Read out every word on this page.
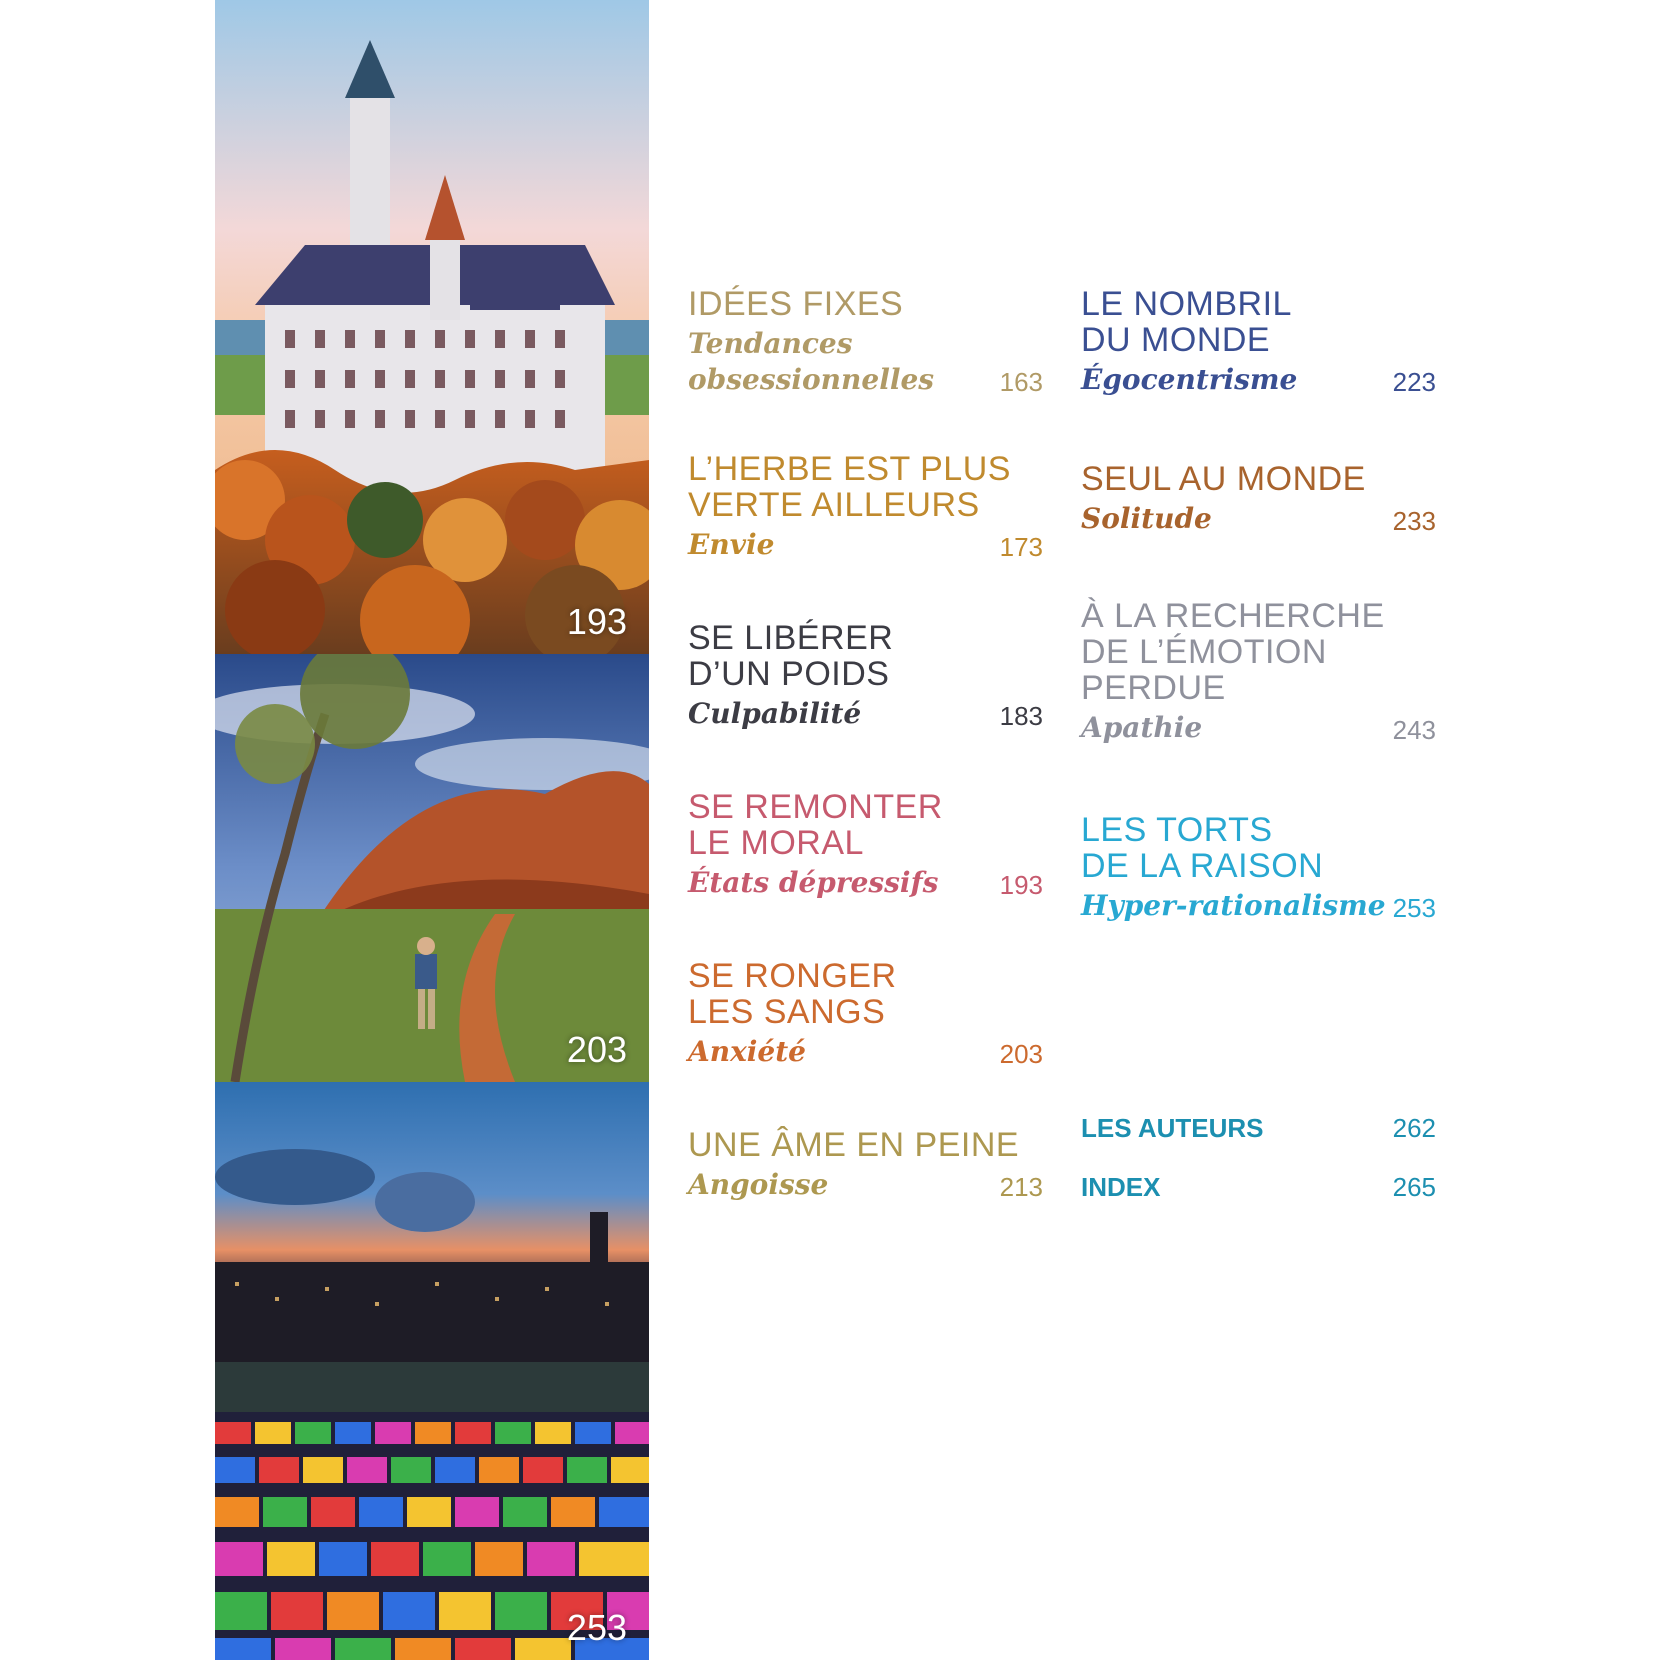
193
203
253
IDÉES FIXES
Tendances
obsessionnelles	163
L’HERBE EST PLUS
VERTE AILLEURS
Envie	173
SE LIBÉRER
D’UN POIDS
Culpabilité	183
SE REMONTER
LE MORAL
États dépressifs 193
SE RONGER
LES SANGS
Anxiété	203
UNE ÂME EN PEINE
Angoisse	213
LE NOMBRIL
DU MONDE
Égocentrisme	223
SEUL AU MONDE
Solitude	233
À LA RECHERCHE
DE L’ÉMOTION
PERDUE
Apathie	243
LES TORTS
DE LA RAISON
Hyper-rationalisme 253
LES AUTEURS	262
INDEX	265
